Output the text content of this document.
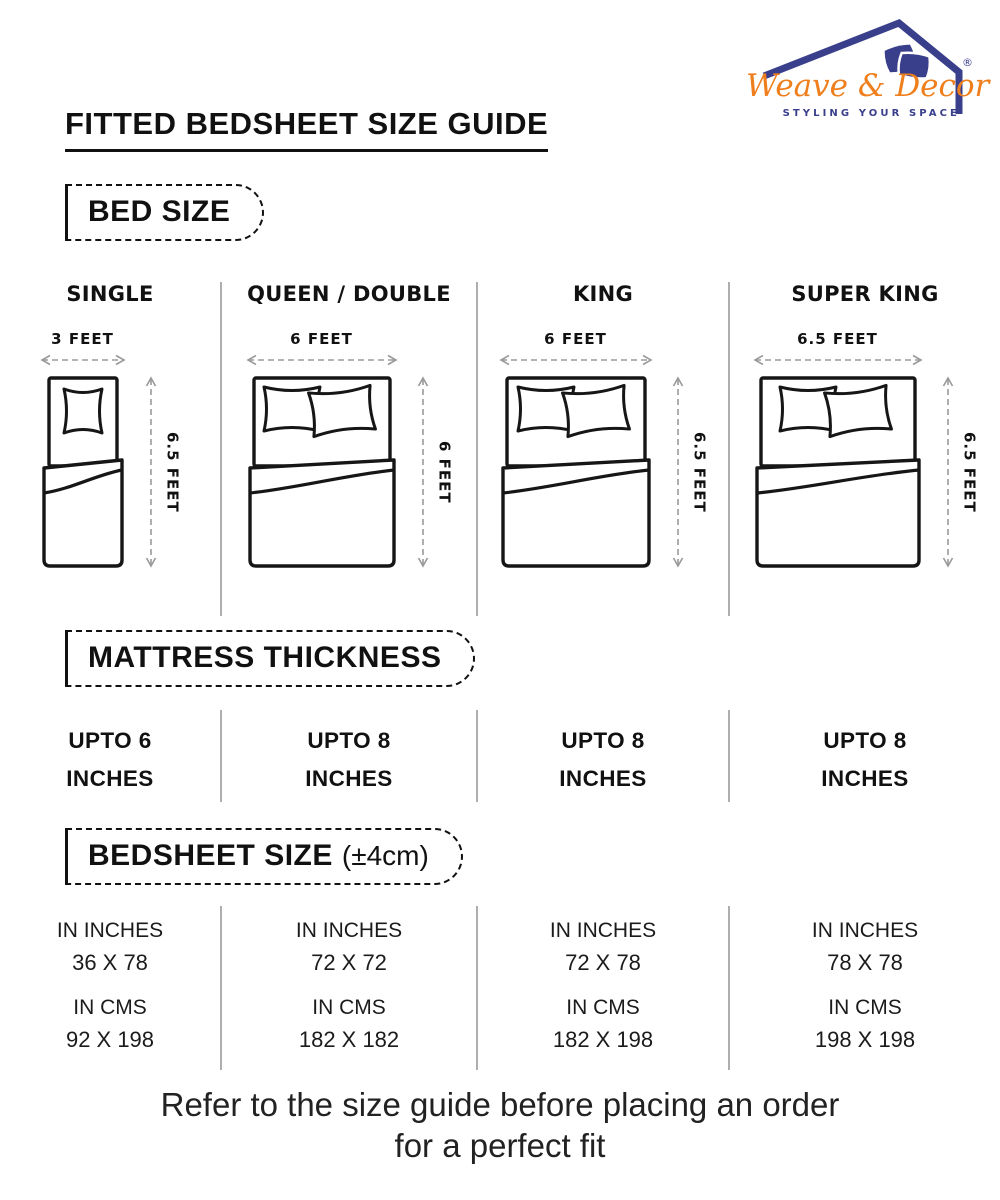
Weave & Decor
®
STYLING YOUR SPACE
FITTED BEDSHEET SIZE GUIDE
BED SIZE
SINGLE
3 FEET
6.5 FEET
QUEEN / DOUBLE
6 FEET
6 FEET
KING
6 FEET
6.5 FEET
SUPER KING
6.5 FEET
6.5 FEET
MATTRESS THICKNESS
UPTO 6
INCHES
UPTO 8
INCHES
UPTO 8
INCHES
UPTO 8
INCHES
BEDSHEET SIZE (±4cm)
IN INCHES
36 X 78
IN CMS
92 X 198
IN INCHES
72 X 72
IN CMS
182 X 182
IN INCHES
72 X 78
IN CMS
182 X 198
IN INCHES
78 X 78
IN CMS
198 X 198
Refer to the size guide before placing an order
for a perfect fit
